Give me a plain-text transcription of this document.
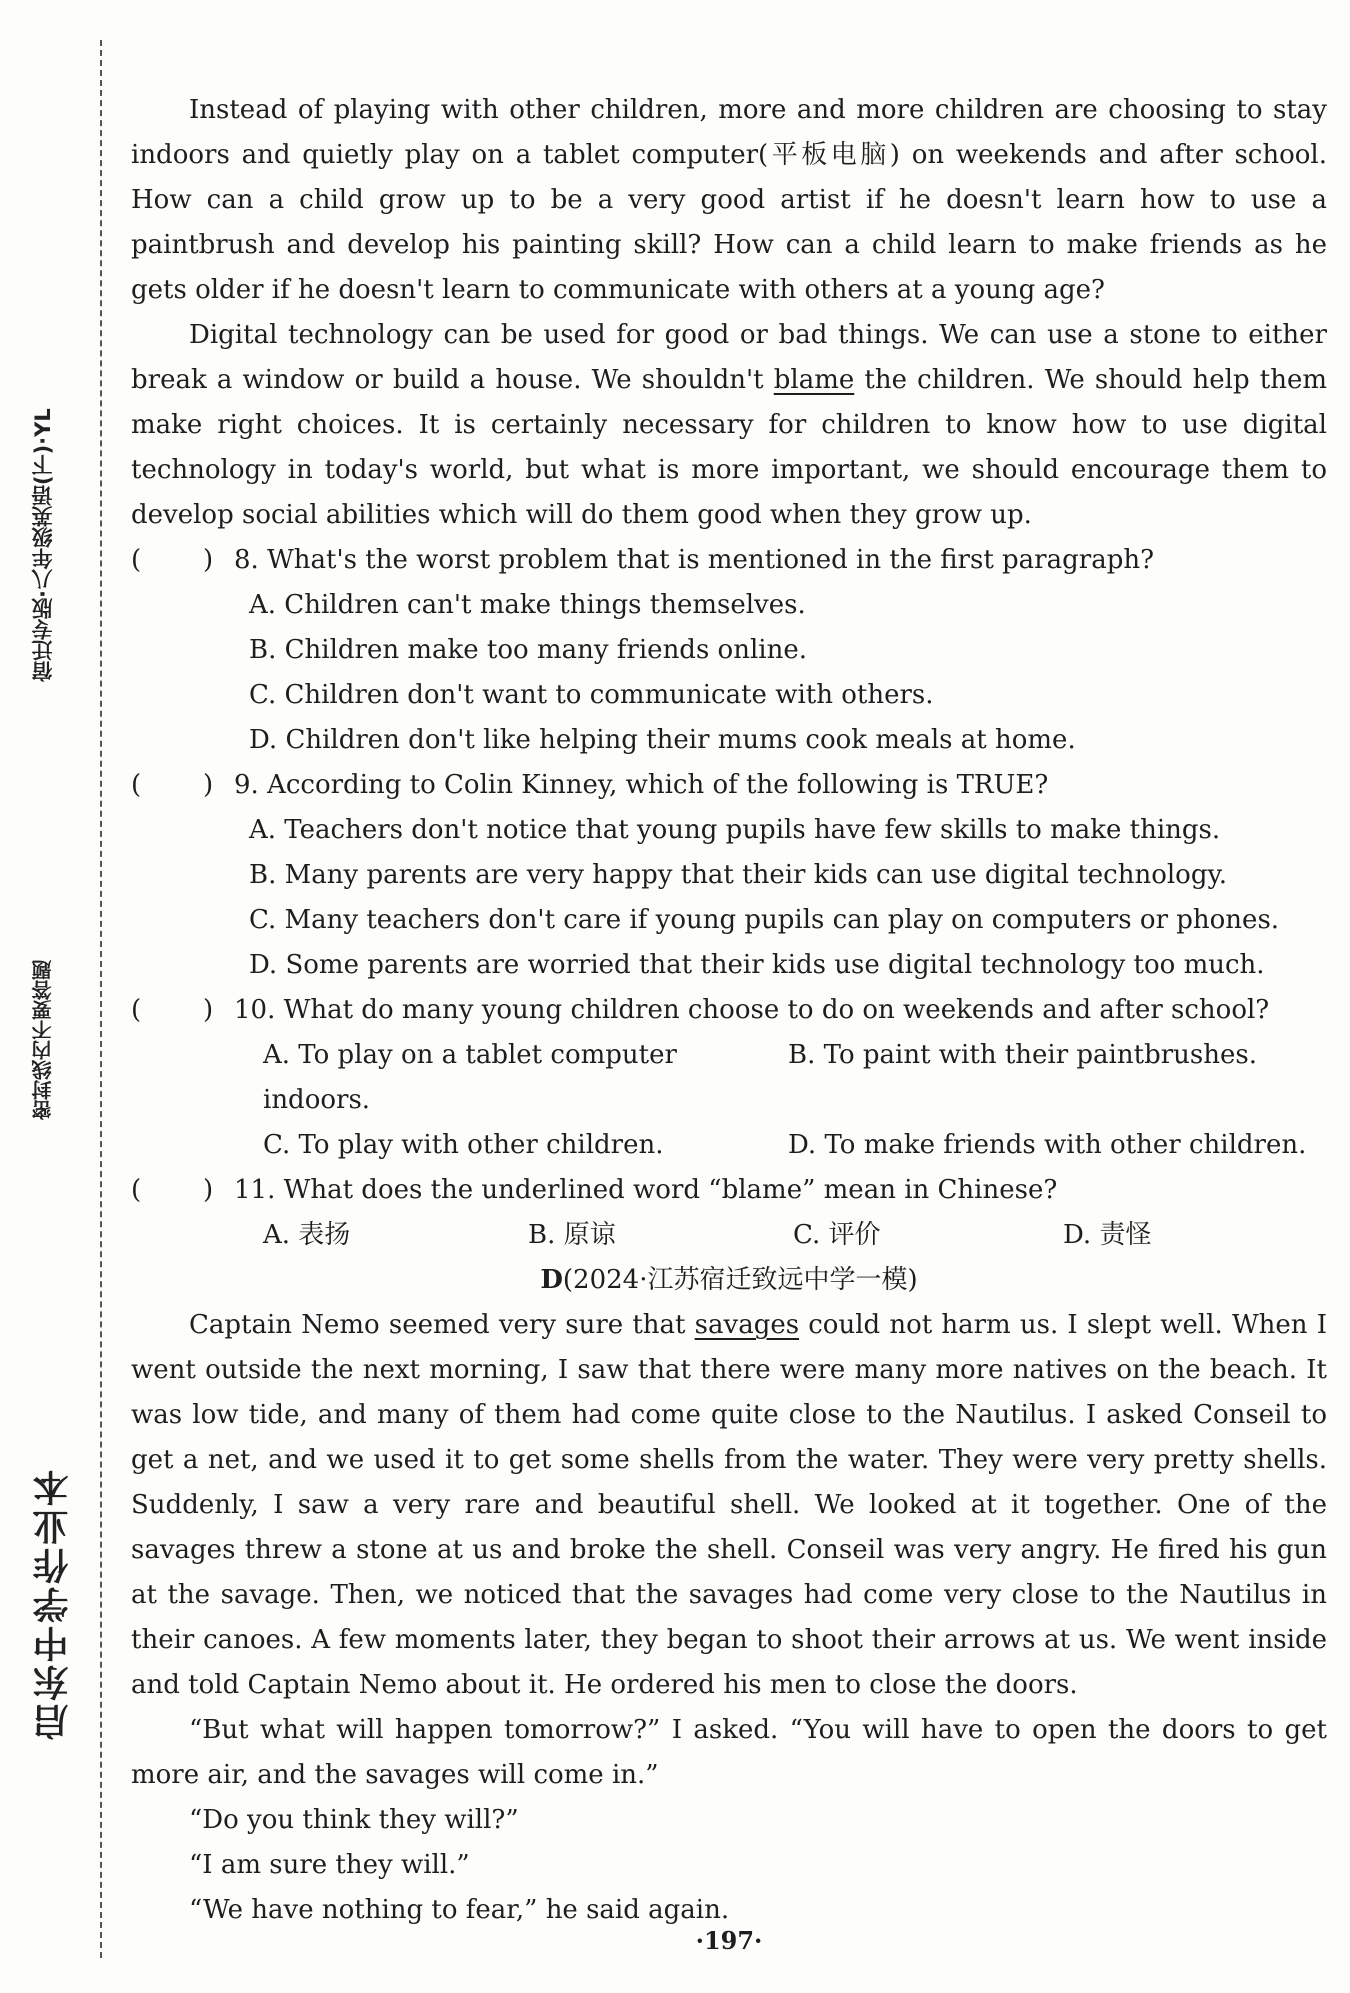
宿迁专版·八年级英语(下)·YL
密封线内不要答题
启东中学作业本

Instead of playing with other children, more and more children are choosing to stay indoors and quietly play on a tablet computer(平板电脑) on weekends and after school. How can a child grow up to be a very good artist if he doesn't learn how to use a paintbrush and develop his painting skill? How can a child learn to make friends as he gets older if he doesn't learn to communicate with others at a young age?

Digital technology can be used for good or bad things. We can use a stone to either break a window or build a house. We shouldn't blame the children. We should help them make right choices. It is certainly necessary for children to know how to use digital technology in today's world, but what is more important, we should encourage them to develop social abilities which will do them good when they grow up.

( ) 8. What's the worst problem that is mentioned in the first paragraph?

A. Children can't make things themselves.

B. Children make too many friends online.

C. Children don't want to communicate with others.

D. Children don't like helping their mums cook meals at home.

( ) 9. According to Colin Kinney, which of the following is TRUE?

A. Teachers don't notice that young pupils have few skills to make things.

B. Many parents are very happy that their kids can use digital technology.

C. Many teachers don't care if young pupils can play on computers or phones.

D. Some parents are worried that their kids use digital technology too much.

( ) 10. What do many young children choose to do on weekends and after school?

A. To play on a tablet computer indoors.
B. To paint with their paintbrushes.
C. To play with other children.	D. To make friends with other children.

( ) 11. What does the underlined word “blame” mean in Chinese?

A. 表扬	B. 原谅	C. 评价	D. 责怪

D(2024·江苏宿迁致远中学一模)

Captain Nemo seemed very sure that savages could not harm us. I slept well. When I went outside the next morning, I saw that there were many more natives on the beach. It was low tide, and many of them had come quite close to the Nautilus. I asked Conseil to get a net, and we used it to get some shells from the water. They were very pretty shells. Suddenly, I saw a very rare and beautiful shell. We looked at it together. One of the savages threw a stone at us and broke the shell. Conseil was very angry. He fired his gun at the savage. Then, we noticed that the savages had come very close to the Nautilus in their canoes. A few moments later, they began to shoot their arrows at us. We went inside and told Captain Nemo about it. He ordered his men to close the doors.

“But what will happen tomorrow?” I asked. “You will have to open the doors to get more air, and the savages will come in.”

“Do you think they will?”

“I am sure they will.”

“We have nothing to fear,” he said again.

·197·
